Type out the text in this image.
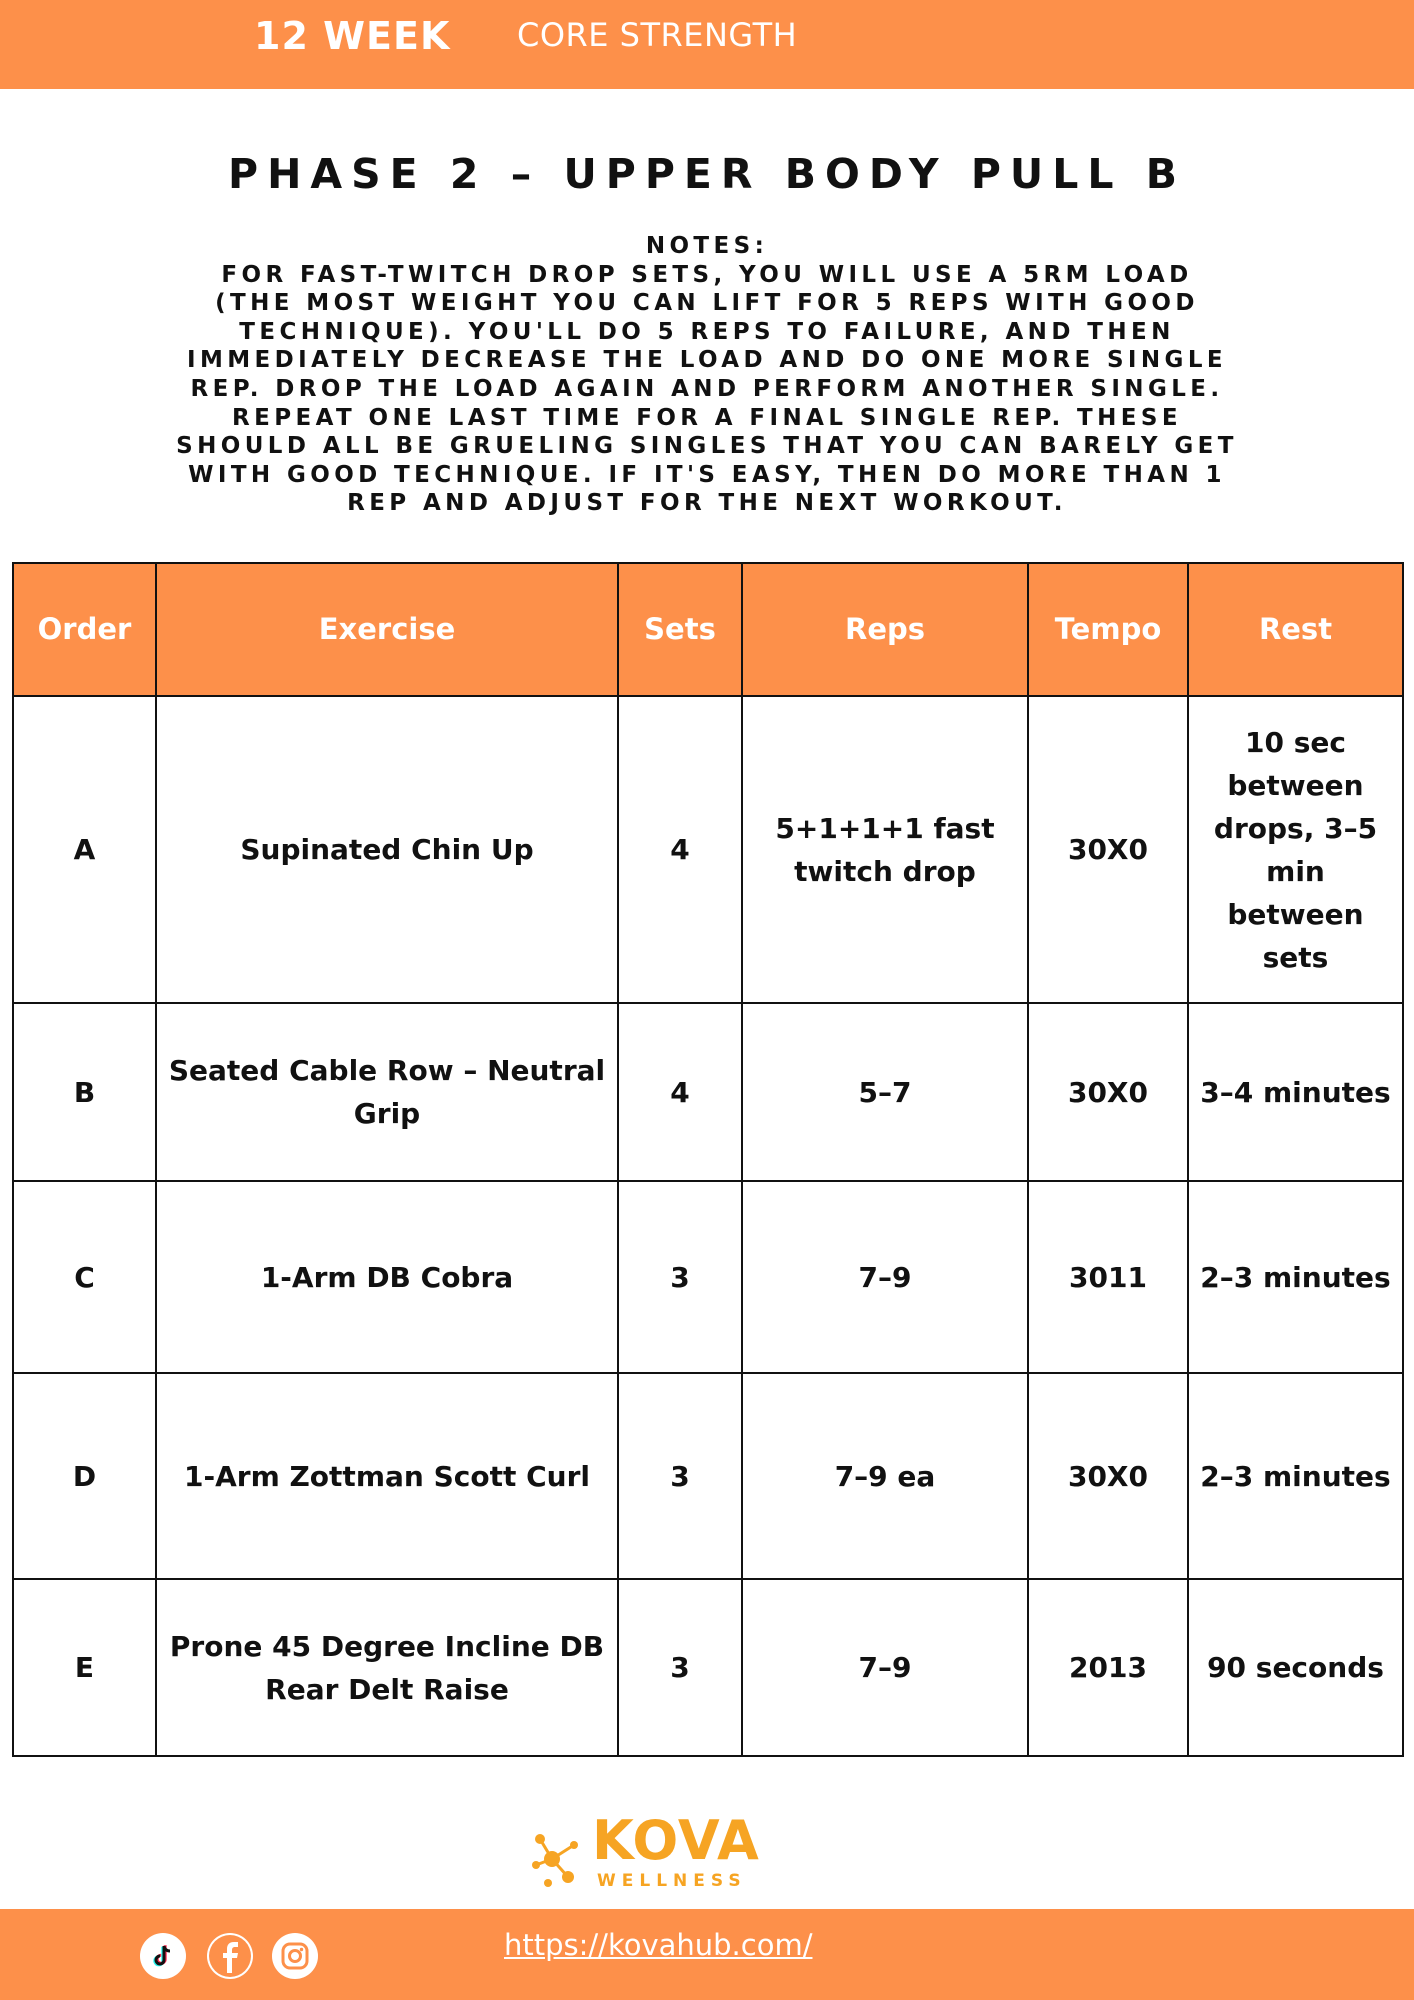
12 WEEK CORE STRENGTH
PHASE 2 – UPPER BODY PULL B
NOTES:
FOR FAST-TWITCH DROP SETS, YOU WILL USE A 5RM LOAD
(THE MOST WEIGHT YOU CAN LIFT FOR 5 REPS WITH GOOD
TECHNIQUE). YOU'LL DO 5 REPS TO FAILURE, AND THEN
IMMEDIATELY DECREASE THE LOAD AND DO ONE MORE SINGLE
REP. DROP THE LOAD AGAIN AND PERFORM ANOTHER SINGLE.
REPEAT ONE LAST TIME FOR A FINAL SINGLE REP. THESE
SHOULD ALL BE GRUELING SINGLES THAT YOU CAN BARELY GET
WITH GOOD TECHNIQUE. IF IT'S EASY, THEN DO MORE THAN 1
REP AND ADJUST FOR THE NEXT WORKOUT.
Order	Exercise	Sets	Reps	Tempo	Rest
A	Supinated Chin Up	4	5+1+1+1 fast twitch drop	30X0	10 sec between drops, 3–5 min between sets
B	Seated Cable Row – Neutral Grip	4	5–7	30X0	3–4 minutes
C	1-Arm DB Cobra	3	7–9	3011	2–3 minutes
D	1-Arm Zottman Scott Curl	3	7–9 ea	30X0	2–3 minutes
E	Prone 45 Degree Incline DB Rear Delt Raise	3	7–9	2013	90 seconds
KOVA
WELLNESS
https://kovahub.com/
